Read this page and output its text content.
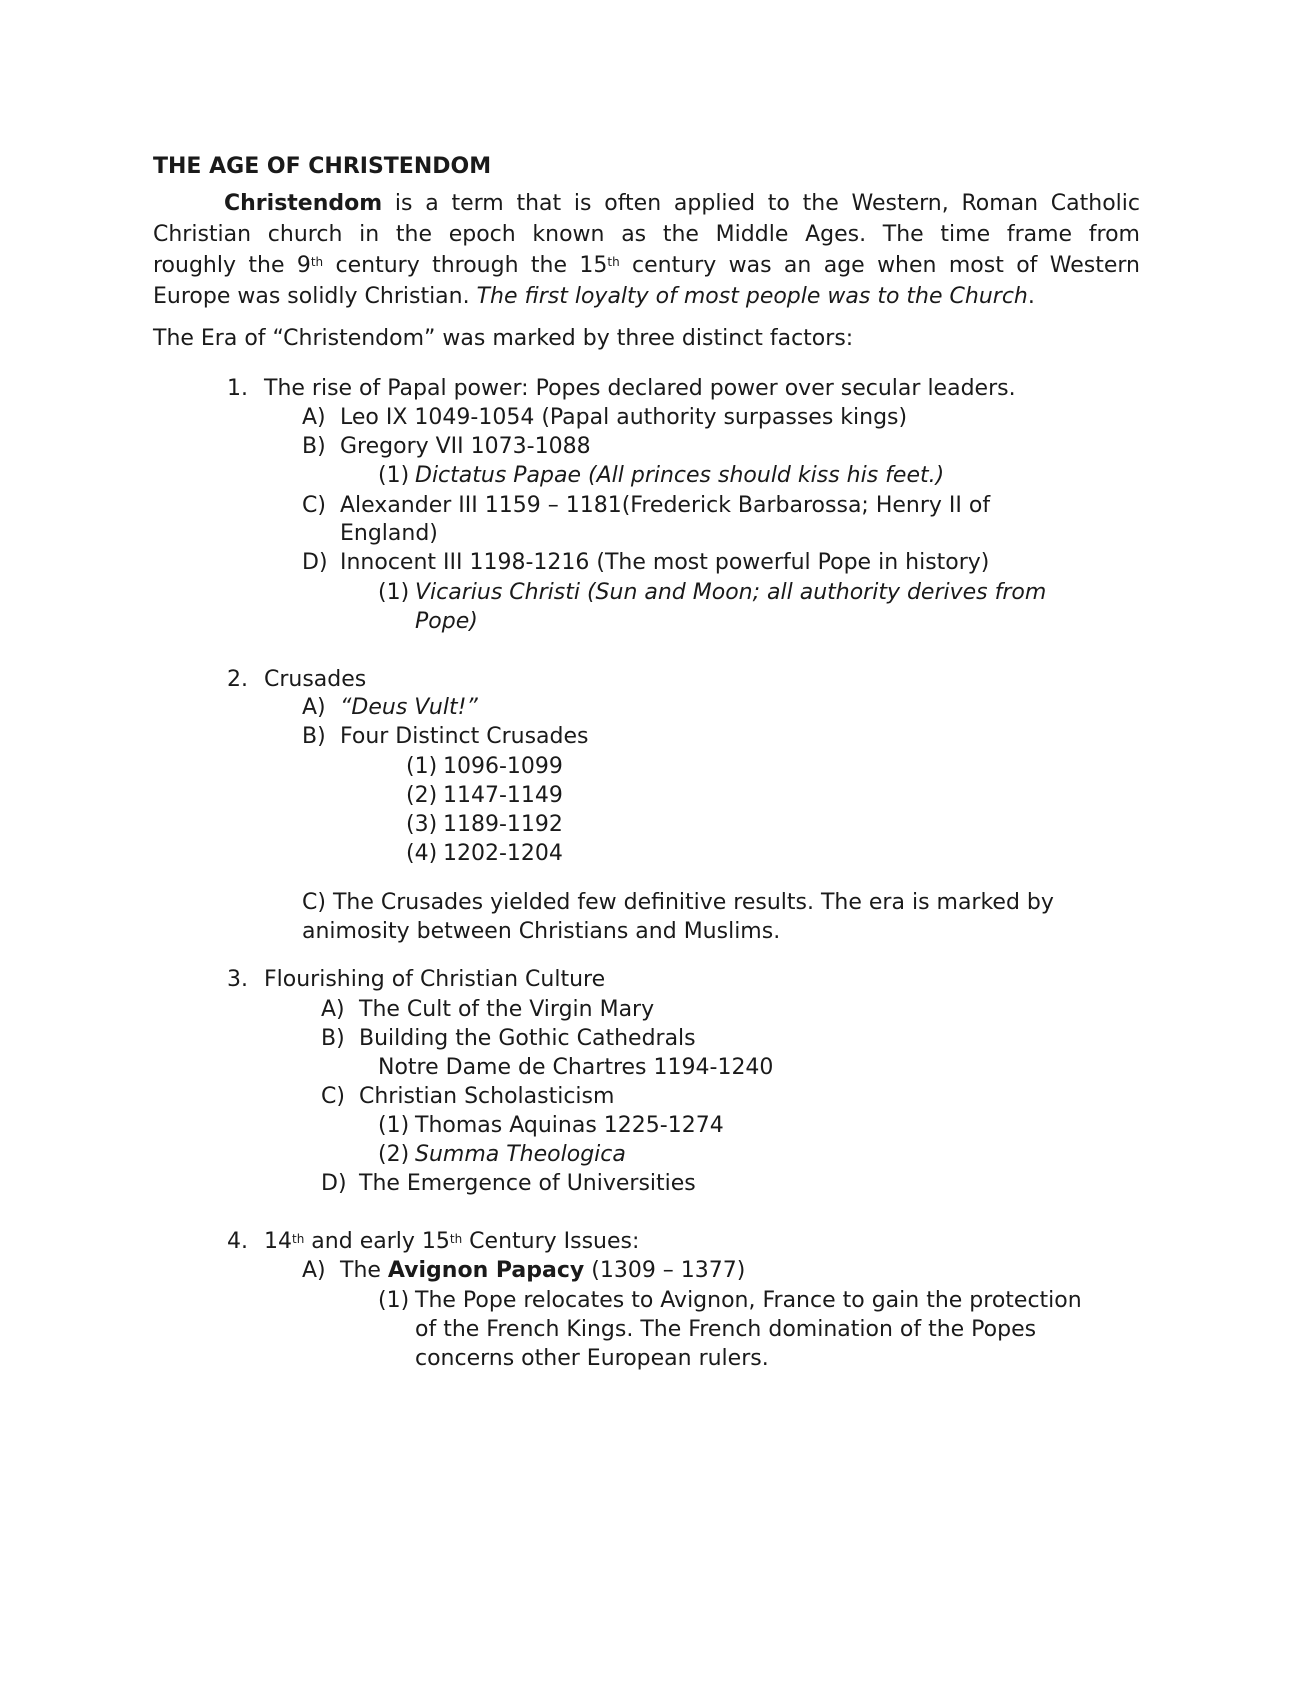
THE AGE OF CHRISTENDOM
Christendom is a term that is often applied to the Western, Roman Catholic
Christian church in the epoch known as the Middle Ages. The time frame from
roughly the 9th century through the 15th century was an age when most of Western
Europe was solidly Christian. The first loyalty of most people was to the Church.
The Era of “Christendom” was marked by three distinct factors:
1. The rise of Papal power: Popes declared power over secular leaders.
A) Leo IX 1049-1054 (Papal authority surpasses kings)
B) Gregory VII 1073-1088
(1) Dictatus Papae (All princes should kiss his feet.)
C) Alexander III 1159 – 1181(Frederick Barbarossa; Henry II of
England)
D) Innocent III 1198-1216 (The most powerful Pope in history)
(1) Vicarius Christi (Sun and Moon; all authority derives from
Pope)
2. Crusades
A) “Deus Vult!”
B) Four Distinct Crusades
(1) 1096-1099
(2) 1147-1149
(3) 1189-1192
(4) 1202-1204
C) The Crusades yielded few definitive results. The era is marked by
animosity between Christians and Muslims.
3. Flourishing of Christian Culture
A) The Cult of the Virgin Mary
B) Building the Gothic Cathedrals
Notre Dame de Chartres 1194-1240
C) Christian Scholasticism
(1) Thomas Aquinas 1225-1274
(2) Summa Theologica
D) The Emergence of Universities
4. 14th and early 15th Century Issues:
A) The Avignon Papacy (1309 – 1377)
(1) The Pope relocates to Avignon, France to gain the protection
of the French Kings. The French domination of the Popes
concerns other European rulers.
